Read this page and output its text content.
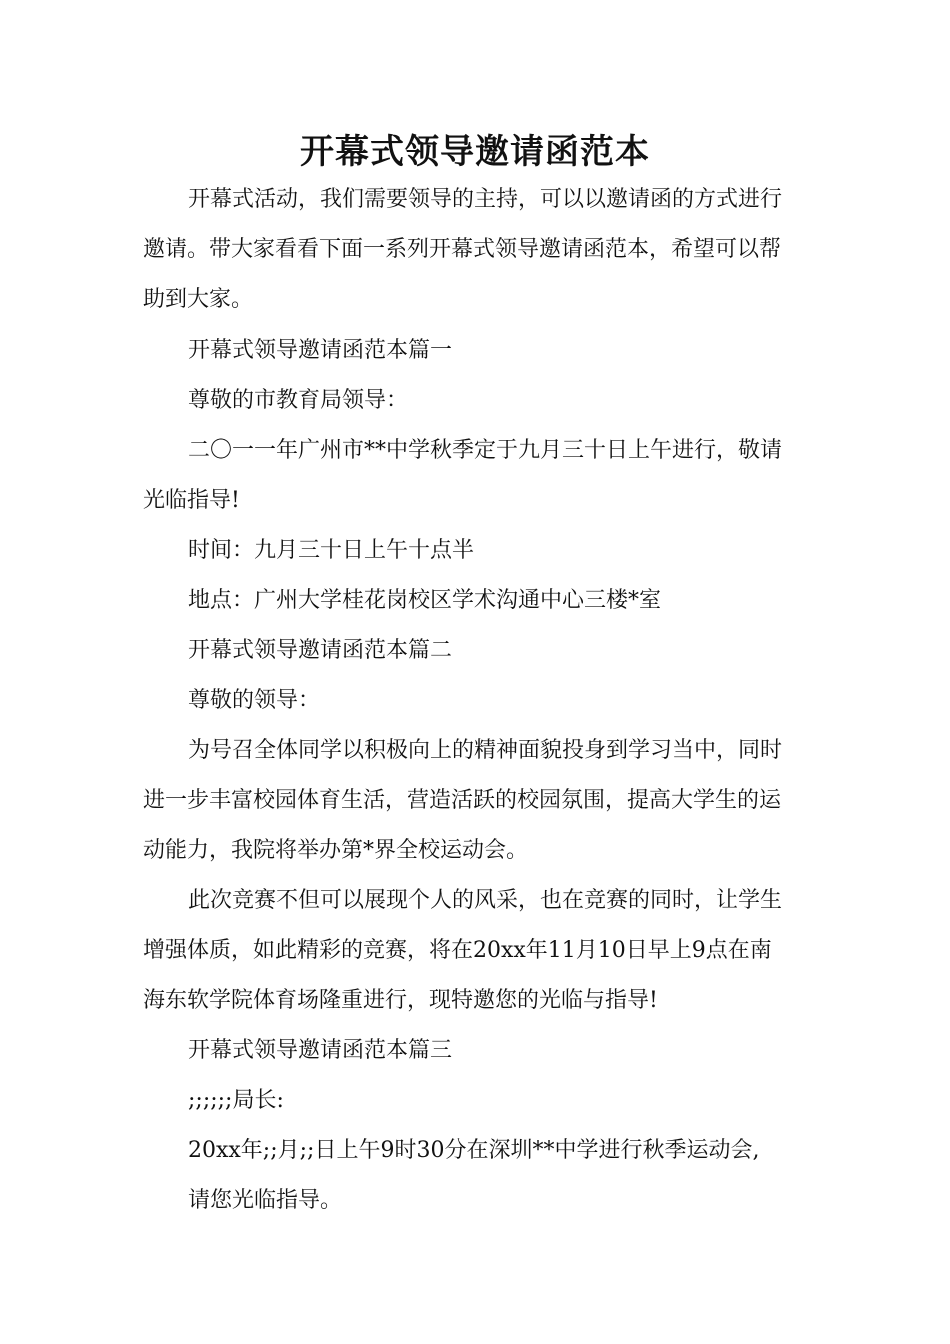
开幕式领导邀请函范本
开幕式活动，我们需要领导的主持，可以以邀请函的方式进行
邀请。带大家看看下面一系列开幕式领导邀请函范本，希望可以帮
助到大家。
开幕式领导邀请函范本篇一
尊敬的市教育局领导：
二〇一一年广州市**中学秋季定于九月三十日上午进行，敬请
光临指导!
时间：九月三十日上午十点半
地点：广州大学桂花岗校区学术沟通中心三楼*室
开幕式领导邀请函范本篇二
尊敬的领导：
为号召全体同学以积极向上的精神面貌投身到学习当中，同时
进一步丰富校园体育生活，营造活跃的校园氛围，提高大学生的运
动能力，我院将举办第*界全校运动会。
此次竞赛不但可以展现个人的风采，也在竞赛的同时，让学生
增强体质，如此精彩的竞赛，将在20xx年11月10日早上9点在南
海东软学院体育场隆重进行，现特邀您的光临与指导!
开幕式领导邀请函范本篇三
;;;;;;局长:
20xx年;;月;;日上午9时30分在深圳**中学进行秋季运动会,
请您光临指导。
